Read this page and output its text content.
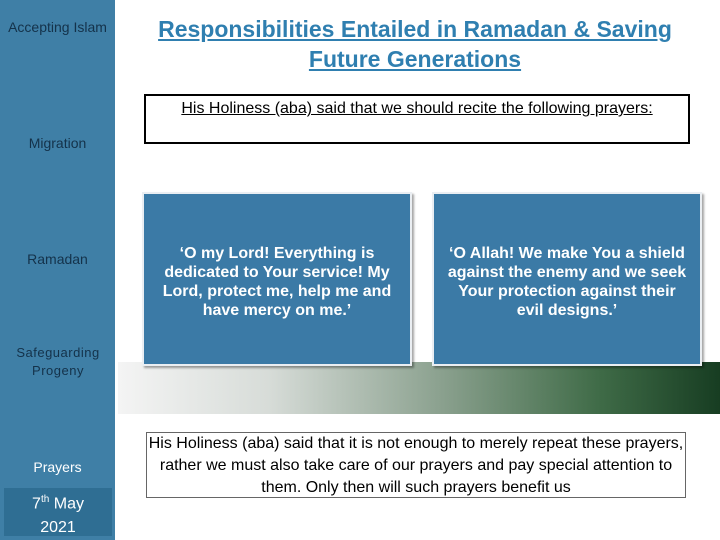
Accepting Islam
Migration
Ramadan
Prayers
7th May
2021
Safeguarding Progeny
Responsibilities Entailed in Ramadan & Saving Future Generations
His Holiness (aba) said that we should recite the following prayers:
‘O my Lord! Everything is dedicated to Your service! My Lord, protect me, help me and have mercy on me.’
‘O Allah! We make You a shield against the enemy and we seek Your protection against their evil designs.’
His Holiness (aba) said that it is not enough to merely repeat these prayers, rather we must also take care of our prayers and pay special attention to them. Only then will such prayers benefit us
